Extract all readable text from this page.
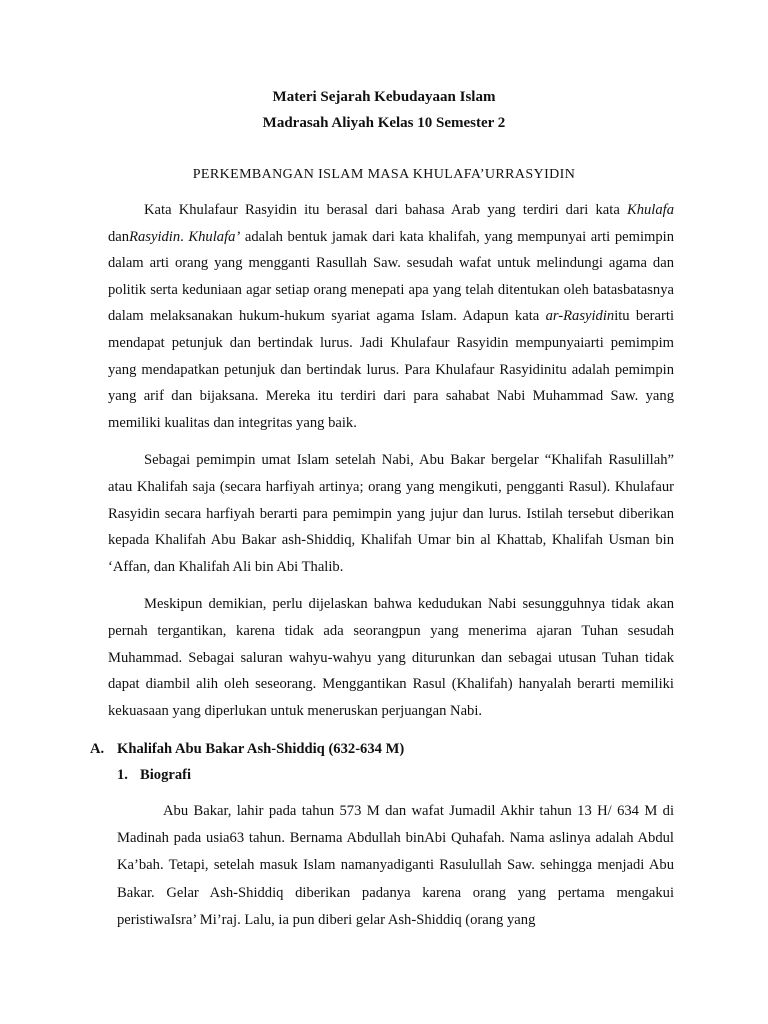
Materi Sejarah Kebudayaan Islam
Madrasah Aliyah Kelas 10 Semester 2
PERKEMBANGAN ISLAM MASA KHULAFA’URRASYIDIN

Kata Khulafaur Rasyidin itu berasal dari bahasa Arab yang terdiri dari kata Khulafa danRasyidin. Khulafa’ adalah bentuk jamak dari kata khalifah, yang mempunyai arti pemimpin dalam arti orang yang mengganti Rasullah Saw. sesudah wafat untuk melindungi agama dan politik serta keduniaan agar setiap orang menepati apa yang telah ditentukan oleh batasbatasnya dalam melaksanakan hukum-hukum syariat agama Islam. Adapun kata ar-Rasyidinitu berarti mendapat petunjuk dan bertindak lurus. Jadi Khulafaur Rasyidin mempunyaiarti pemimpim yang mendapatkan petunjuk dan bertindak lurus. Para Khulafaur Rasyidinitu adalah pemimpin yang arif dan bijaksana. Mereka itu terdiri dari para sahabat Nabi Muhammad Saw. yang memiliki kualitas dan integritas yang baik.

Sebagai pemimpin umat Islam setelah Nabi, Abu Bakar bergelar “Khalifah Rasulillah” atau Khalifah saja (secara harfiyah artinya; orang yang mengikuti, pengganti Rasul). Khulafaur Rasyidin secara harfiyah berarti para pemimpin yang jujur dan lurus. Istilah tersebut diberikan kepada Khalifah Abu Bakar ash-Shiddiq, Khalifah Umar bin al Khattab, Khalifah Usman bin ‘Affan, dan Khalifah Ali bin Abi Thalib.

Meskipun demikian, perlu dijelaskan bahwa kedudukan Nabi sesungguhnya tidak akan pernah tergantikan, karena tidak ada seorangpun yang menerima ajaran Tuhan sesudah Muhammad. Sebagai saluran wahyu-wahyu yang diturunkan dan sebagai utusan Tuhan tidak dapat diambil alih oleh seseorang. Menggantikan Rasul (Khalifah) hanyalah berarti memiliki kekuasaan yang diperlukan untuk meneruskan perjuangan Nabi.

A. Khalifah Abu Bakar Ash-Shiddiq (632-634 M)
1. Biografi

Abu Bakar, lahir pada tahun 573 M dan wafat Jumadil Akhir tahun 13 H/ 634 M di Madinah pada usia63 tahun. Bernama Abdullah binAbi Quhafah. Nama aslinya adalah Abdul Ka’bah. Tetapi, setelah masuk Islam namanyadiganti Rasulullah Saw. sehingga menjadi Abu Bakar. Gelar Ash-Shiddiq diberikan padanya karena orang yang pertama mengakui peristiwaIsra’ Mi’raj. Lalu, ia pun diberi gelar Ash-Shiddiq (orang yang
